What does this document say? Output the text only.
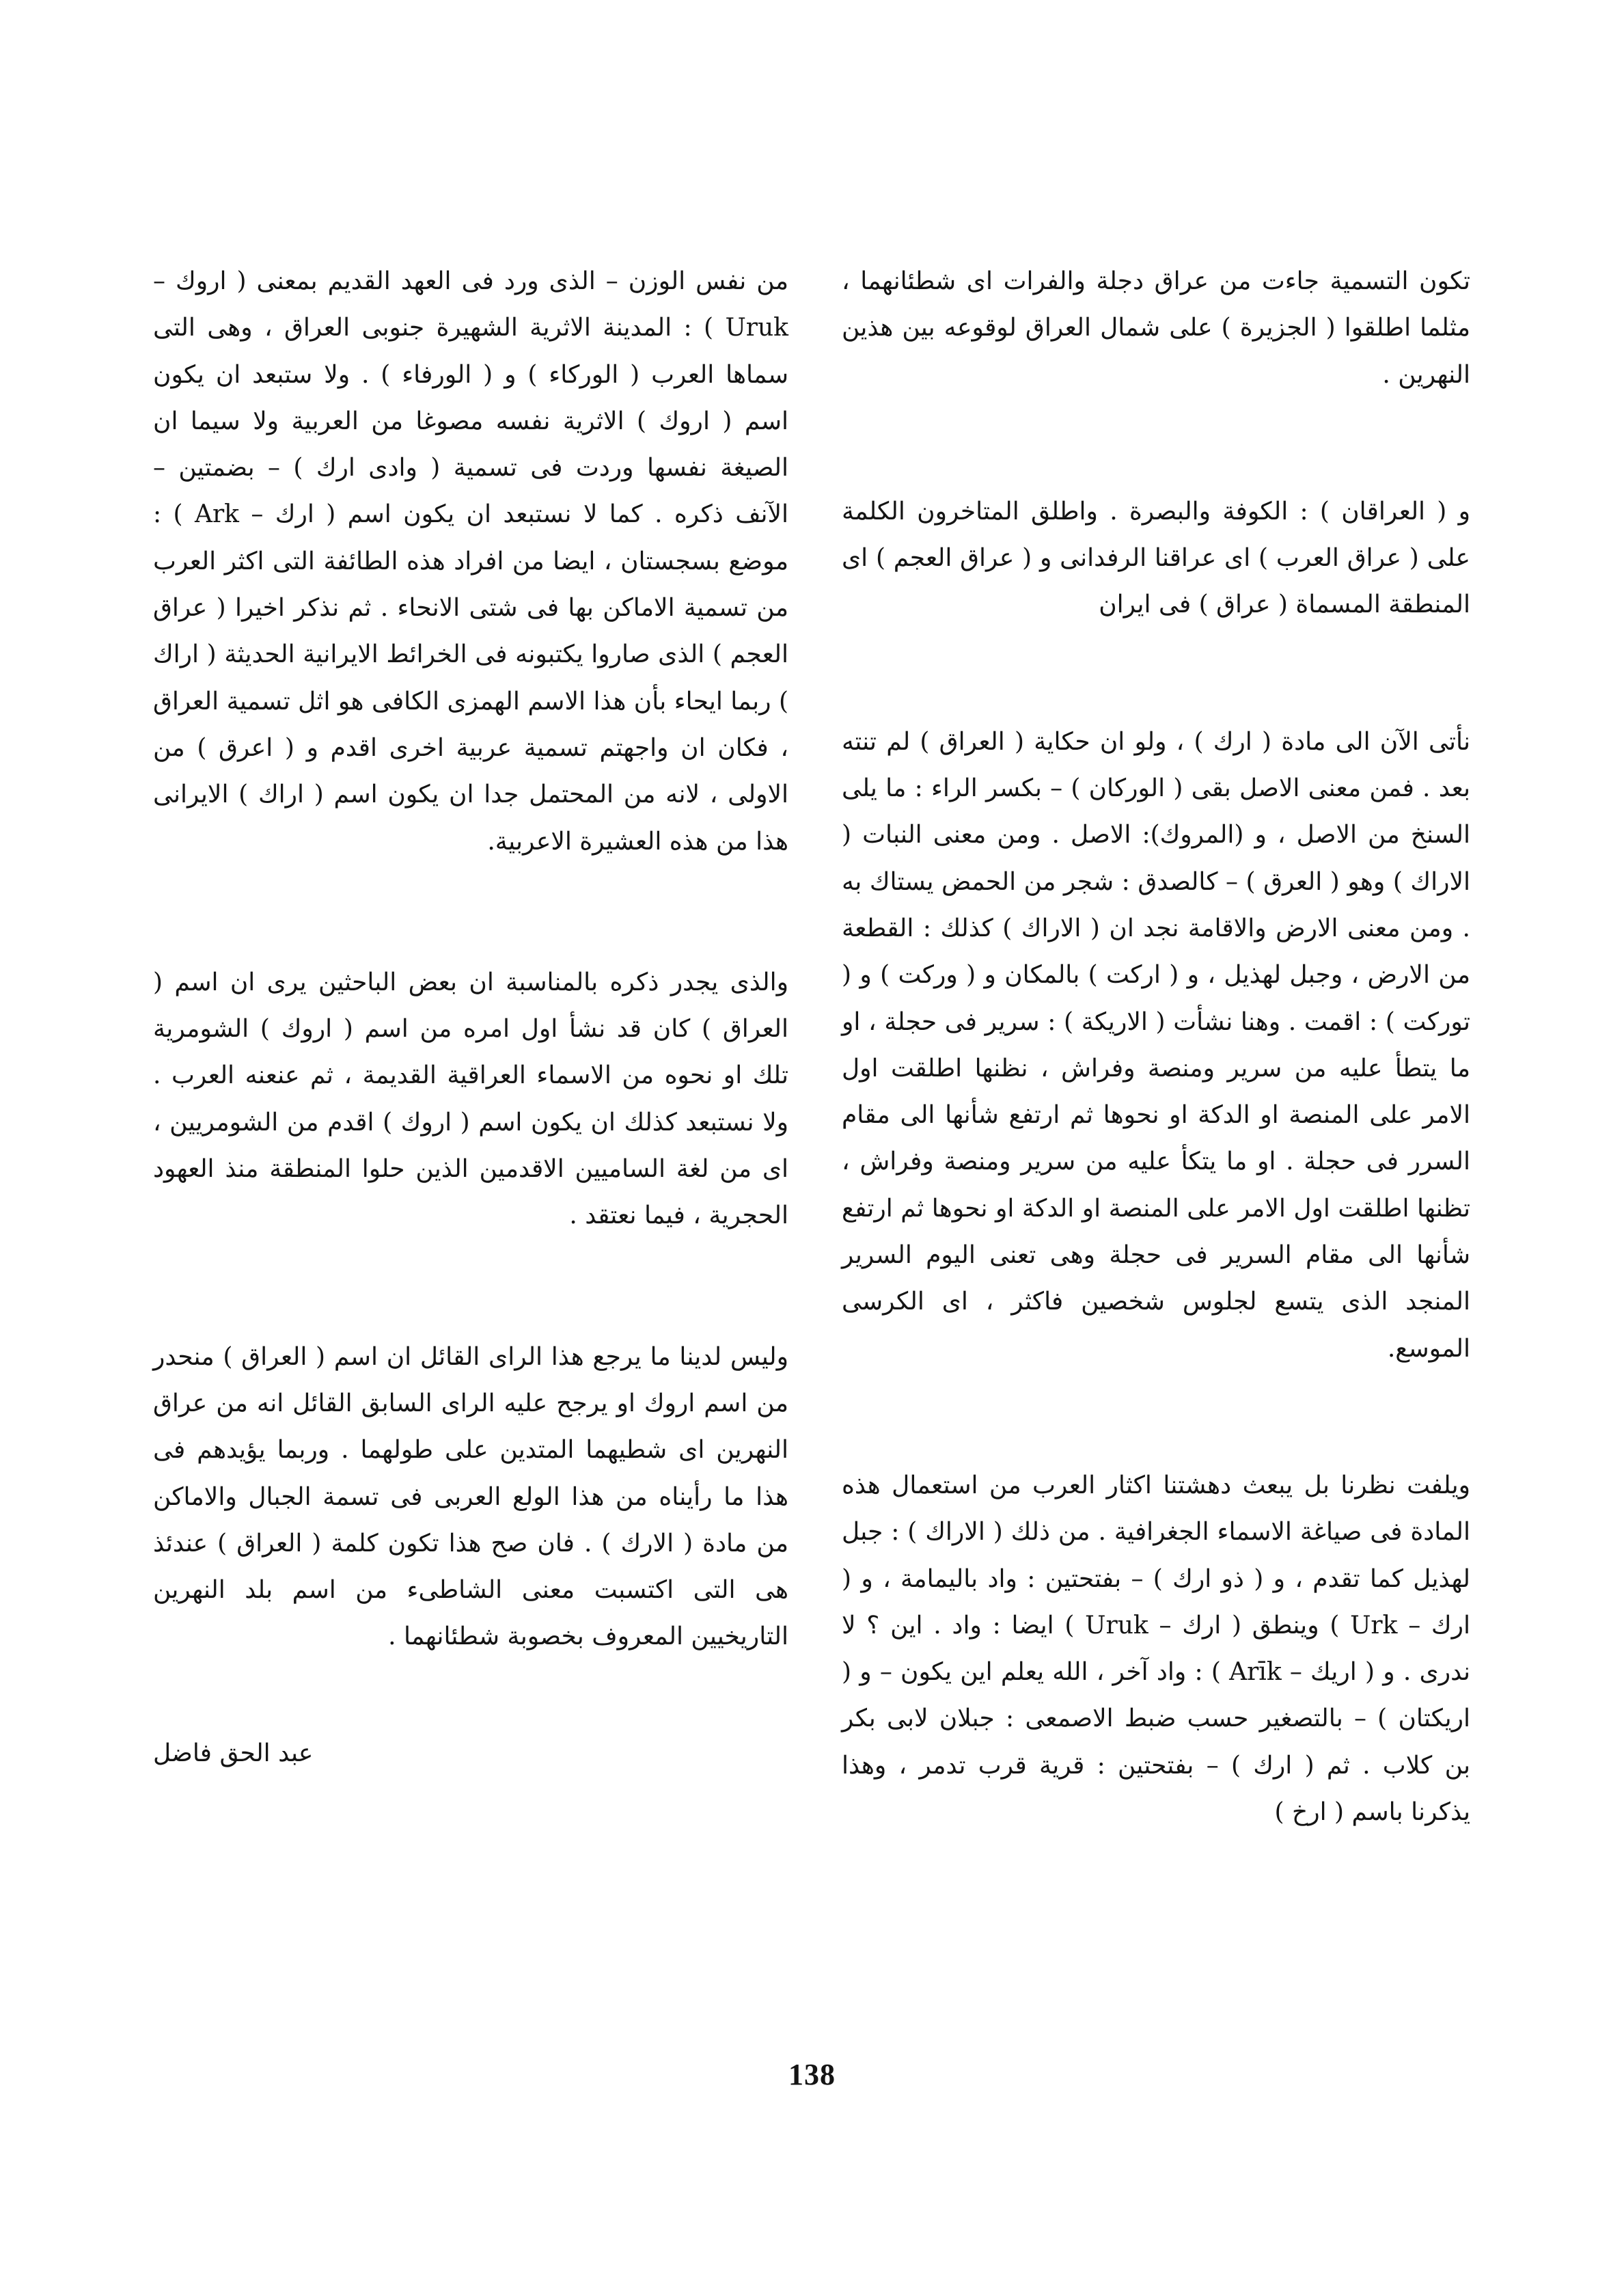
تكون التسمية جاءت من عراق دجلة والفرات اى شطئانهما ، مثلما اطلقوا ( الجزيرة ) على شمال العراق لوقوعه بين هذين النهرين .

و ( العراقان ) : الكوفة والبصرة . واطلق المتاخرون الكلمة على ( عراق العرب ) اى عراقنا الرفدانى و ( عراق العجم ) اى المنطقة المسماة ( عراق ) فى ايران

نأتى الآن الى مادة ( ارك ) ، ولو ان حكاية ( العراق ) لم تنته بعد . فمن معنى الاصل بقى ( الوركان ) – بكسر الراء : ما يلى السنخ من الاصل ، و (المروك): الاصل . ومن معنى النبات ( الاراك ) وهو ( العرق ) – كالصدق : شجر من الحمض يستاك به . ومن معنى الارض والاقامة نجد ان ( الاراك ) كذلك : القطعة من الارض ، وجبل لهذيل ، و ( اركت ) بالمكان و ( وركت ) و ( توركت ) : اقمت . وهنا نشأت ( الاريكة ) : سرير فى حجلة ، او ما يتطأ عليه من سرير ومنصة وفراش ، نظنها اطلقت اول الامر على المنصة او الدكة او نحوها ثم ارتفع شأنها الى مقام السرر فى حجلة . او ما يتكأ عليه من سرير ومنصة وفراش ، تظنها اطلقت اول الامر على المنصة او الدكة او نحوها ثم ارتفع شأنها الى مقام السرير فى حجلة وهى تعنى اليوم السرير المنجد الذى يتسع لجلوس شخصين فاكثر ، اى الكرسى الموسع.

ويلفت نظرنا بل يبعث دهشتنا اكثار العرب من استعمال هذه المادة فى صياغة الاسماء الجغرافية . من ذلك ( الاراك ) : جبل لهذيل كما تقدم ، و ( ذو ارك ) – بفتحتين : واد باليمامة ، و ( ارك – Urk ) وينطق ( ارك – Uruk ) ايضا : واد . اين ؟ لا ندرى . و ( اريك – Arīk ) : واد آخر ، الله يعلم اين يكون – و ( اريكتان ) – بالتصغير حسب ضبط الاصمعى : جبلان لابى بكر بن كلاب . ثم ( ارك ) – بفتحتين : قرية قرب تدمر ، وهذا يذكرنا باسم ( ارخ )

من نفس الوزن – الذى ورد فى العهد القديم بمعنى ( اروك – Uruk ) : المدينة الاثرية الشهيرة جنوبى العراق ، وهى التى سماها العرب ( الوركاء ) و ( الورفاء ) . ولا ستبعد ان يكون اسم ( اروك ) الاثرية نفسه مصوغا من العربية ولا سيما ان الصيغة نفسها وردت فى تسمية ( وادى ارك ) – بضمتين – الآنف ذكره . كما لا نستبعد ان يكون اسم ( ارك – Ark ) : موضع بسجستان ، ايضا من افراد هذه الطائفة التى اكثر العرب من تسمية الاماكن بها فى شتى الانحاء . ثم نذكر اخيرا ( عراق العجم ) الذى صاروا يكتبونه فى الخرائط الايرانية الحديثة ( اراك ) ربما ايحاء بأن هذا الاسم الهمزى الكافى هو اثل تسمية العراق ، فكان ان واجهتم تسمية عربية اخرى اقدم و ( اعرق ) من الاولى ، لانه من المحتمل جدا ان يكون اسم ( اراك ) الايرانى هذا من هذه العشيرة الاعربية.

والذى يجدر ذكره بالمناسبة ان بعض الباحثين يرى ان اسم ( العراق ) كان قد نشأ اول امره من اسم ( اروك ) الشومرية تلك او نحوه من الاسماء العراقية القديمة ، ثم عنعنه العرب . ولا نستبعد كذلك ان يكون اسم ( اروك ) اقدم من الشومريين ، اى من لغة الساميين الاقدمين الذين حلوا المنطقة منذ العهود الحجرية ، فيما نعتقد .

وليس لدينا ما يرجع هذا الراى القائل ان اسم ( العراق ) منحدر من اسم اروك او يرجح عليه الراى السابق القائل انه من عراق النهرين اى شطيهما المتدين على طولهما . وربما يؤيدهم فى هذا ما رأيناه من هذا الولع العربى فى تسمة الجبال والاماكن من مادة ( الارك ) . فان صح هذا تكون كلمة ( العراق ) عندئذ هى التى اكتسبت معنى الشاطىء من اسم بلد النهرين التاريخيين المعروف بخصوبة شطئانهما .

عبد الحق فاضل
138
